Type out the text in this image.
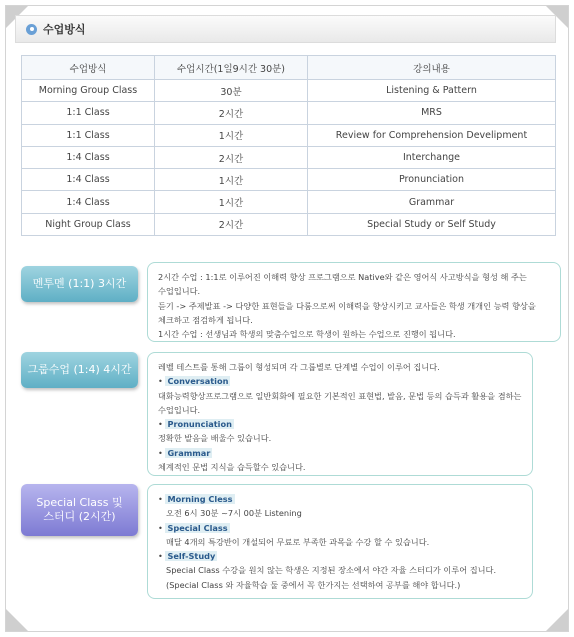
수업방식
수업방식	수업시간(1일9시간 30분)	강의내용
Morning Group Class	30분	Listening & Pattern
1:1 Class	2시간	MRS
1:1 Class	1시간	Review for Comprehension Develipment
1:4 Class	2시간	Interchange
1:4 Class	1시간	Pronunciation
1:4 Class	1시간	Grammar
Night Group Class	2시간	Special Study or Self Study
멘투멘 (1:1) 3시간

2시간 수업 : 1:1로 이루어진 이해력 향상 프로그램으로 Native와 같은 영어식 사고방식을 형성 해 주는

수업입니다.

듣기 -> 주제발표 -> 다양한 표현들을 다룸으로써 이해력을 향상시키고 교사들은 학생 개개인 능력 향상을

체크하고 점검하게 됩니다.

1시간 수업 : 선생님과 학생의 맞춤수업으로 학생이 원하는 수업으로 진행이 됩니다.

그룹수업 (1:4) 4시간	레벨 테스트를 통해 그룹이 형성되며 각 그룹별로 단계별 수업이 이루어 집니다.

• Conversation

대화능력향상프로그램으로 일반회화에 필요한 기본적인 표현법, 발음, 문법 등의 습득과 활용을 겸하는

수업입니다.

• Pronunciation

정확한 발음을 배울수 있습니다.

• Grammar

체계적인 문법 지식을 습득할수 있습니다.

Special Class 및
스터디 (2시간)

• Morning Cless

오전 6시 30분 ~7시 00분 Listening

• Special Class

매달 4개의 특강반이 개설되어 무료로 부족한 과목을 수강 할 수 있습니다.

• Self-Study

Special Class 수강을 원치 않는 학생은 지정된 장소에서 야간 자율 스터디가 이루어 집니다.

(Special Class 와 자율학습 둘 중에서 꼭 한가지는 선택하여 공부를 해야 합니다.)
